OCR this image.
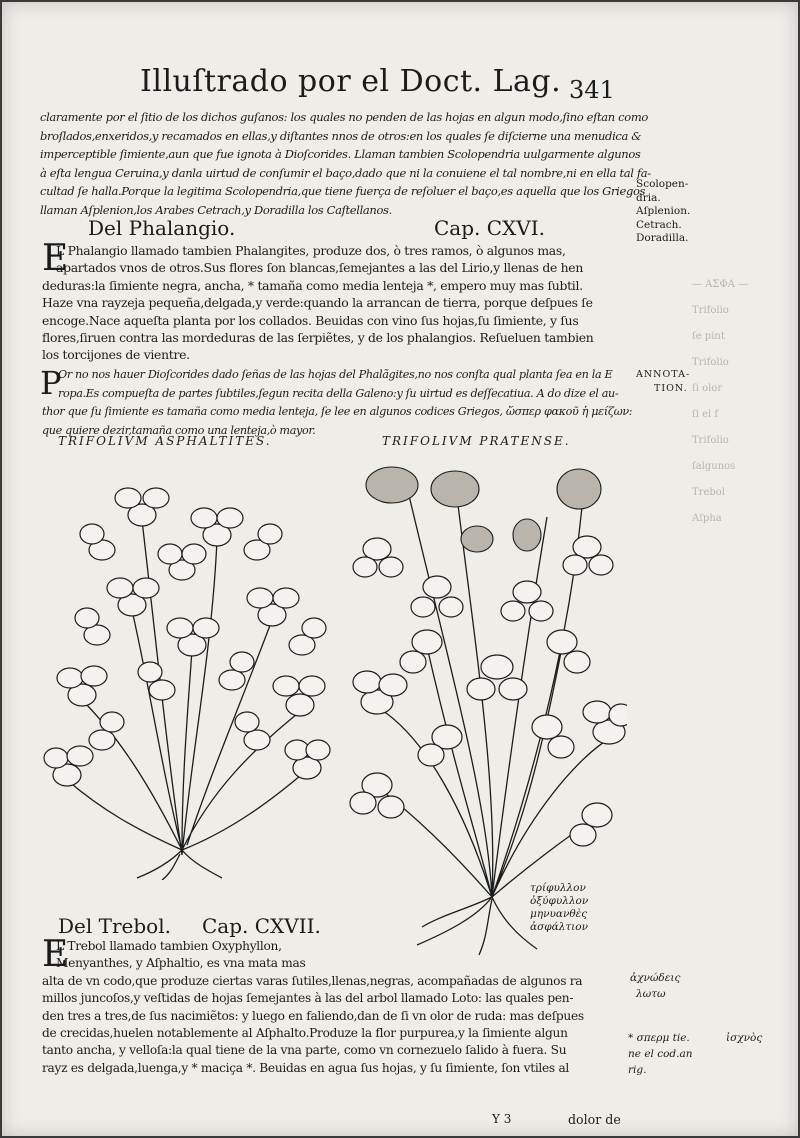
— ΑΣΦΑ —
Trifolio
ſe pint
Trifolio
ſi olor
ſi el f
Trifolio
ſalgunos
Trebol
Aſpha
Illuſtrado por el Doct. Lag. 341
claramente por el ſitio de los dichos guſanos: los quales no penden de las hojas en algun modo,ſino eſtan como
broſlados,enxeridos,y recamados en ellas,y diſtantes nnos de otros:en los quales ſe diſcierne una menudica &
imperceptible ſimiente,aun que fue ignota à Dioſcorides. Llaman tambien Scolopendria uulgarmente algunos
à eſta lengua Ceruina,y danla uirtud de conſumir el baço,dado que ni la conuiene el tal nombre,ni en ella tal fa-
cultad ſe halla.Porque la legitima Scolopendria,que tiene fuerça de reſoluer el baço,es aquella que los Griegos
llaman Aſplenion,los Arabes Cetrach,y Doradilla los Caſtellanos.
Scolopen-
dria.
Aſplenion.
Cetrach.
Doradilla.
Del Phalangio.	Cap. CXVI.
E
L Phalangio llamado tambien Phalangites, produze dos, ò tres ramos, ò algunos mas,
apartados vnos de otros.Sus flores ſon blancas,ſemejantes a las del Lirio,y llenas de hen
deduras:la ſimiente negra, ancha, * tamaña como media lenteja *, empero muy mas ſubtil.
Haze vna rayzeja pequeña,delgada,y verde:quando la arrancan de tierra, porque deſpues ſe
encoge.Nace aqueſta planta por los collados. Beuidas con vino ſus hojas,ſu ſimiente, y ſus
flores,ſiruen contra las mordeduras de las ſerpiẽtes, y de los phalangios. Reſueluen tambien
los torcijones de vientre.
P
Or no nos hauer Dioſcorides dado ſeñas de las hojas del Phalãgites,no nos conſta qual planta ſea en la E
ropa.Es compueſta de partes ſubtiles,ſegun recita della Galeno:y ſu uirtud es deſſecatiua. A do dize el au-
thor que ſu ſimiente es tamaña como media lenteja, ſe lee en algunos codices Griegos, ὥσπερ φακοῦ ἡ μείζων:
que quiere dezir,tamaña como una lenteja,ò mayor.
ANNOTA-
TION.
TRIFOLIVM ASPHALTITES.	TRIFOLIVM PRATENSE.
Del Trebol. Cap. CXVII.
E
L Trebol llamado tambien Oxyphyllon,
Menyanthes, y Aſphaltio, es vna mata mas
alta de vn codo,que produze ciertas varas ſutiles,llenas,negras, acompañadas de algunos ra
millos juncoſos,y veſtidas de hojas ſemejantes à las del arbol llamado Loto: las quales pen-
den tres a tres,de ſus nacimiẽtos: y luego en faliendo,dan de ſi vn olor de ruda: mas deſpues
de crecidas,huelen notablemente al Aſphalto.Produze la flor purpurea,y la ſimiente algun
tanto ancha, y velloſa:la qual tiene de la vna parte, como vn cornezuelo ſalido à fuera. Su
rayz es delgada,luenga,y * maciça *. Beuidas en agua ſus hojas, y ſu ſimiente, ſon vtiles al
τρίφυλλον
ὀξύφυλλον
μηνυανθὲς
ἀσφάλτιον
ἀχνώδεις
λωτω
* σπερμ tie.	ἰσχνὸς
ne el cod.an
rig.
Y 3	dolor de
